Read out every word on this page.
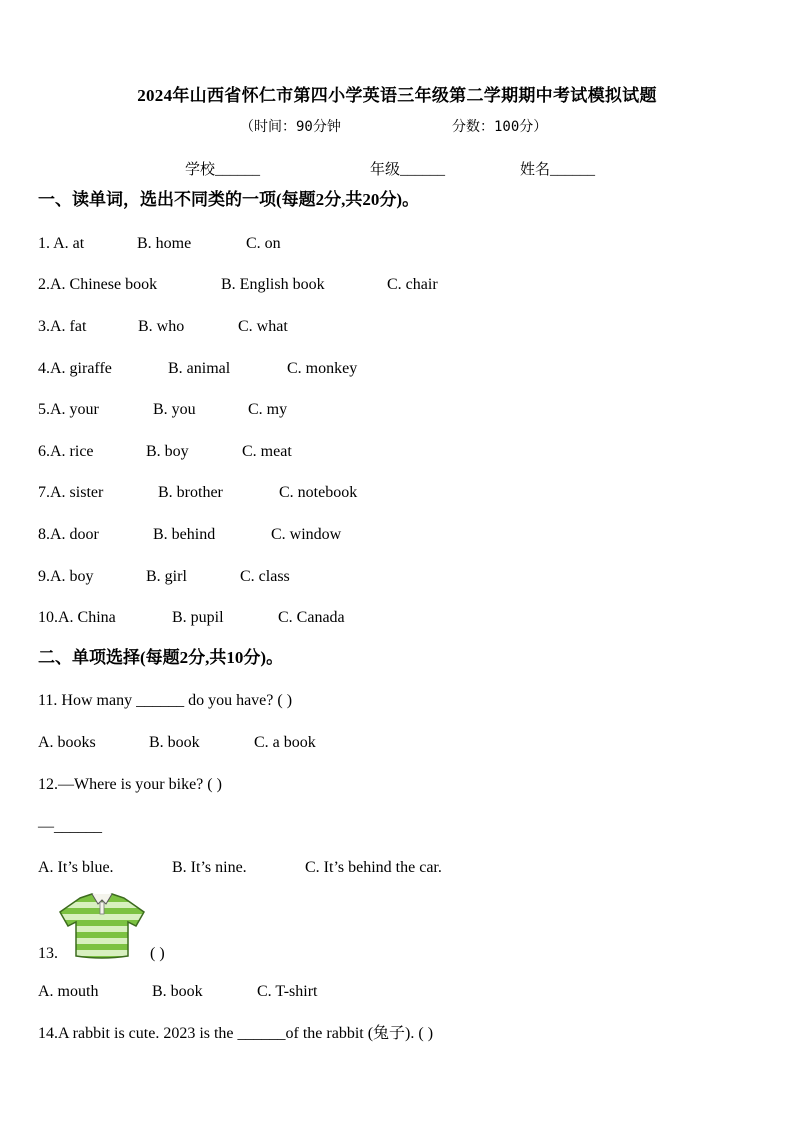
2024年山西省怀仁市第四小学英语三年级第二学期期中考试模拟试题
（时间：90分钟	分数：100分）
学校______	年级______	姓名______
一、读单词，选出不同类的一项(每题2分,共20分)。
1. A. at	B. home	C. on
2.A. Chinese book	B. English book	C. chair
3.A. fat	B. who	C. what
4.A. giraffe	B. animal	C. monkey
5.A. your	B. you	C. my
6.A. rice	B. boy	C. meat
7.A. sister	B. brother	C. notebook
8.A. door	B. behind	C. window
9.A. boy	B. girl	C. class
10.A. China	B. pupil	C. Canada
二、单项选择(每题2分,共10分)。
11. How many ______ do you have? ( )
A. books	B. book	C. a book
12.—Where is your bike? ( )
—______
A. It’s blue.	B. It’s nine.	C. It’s behind the car.
13.	( )
A. mouth	B. book	C. T-shirt
14.A rabbit is cute. 2023 is the ______of the rabbit (兔子). ( )
